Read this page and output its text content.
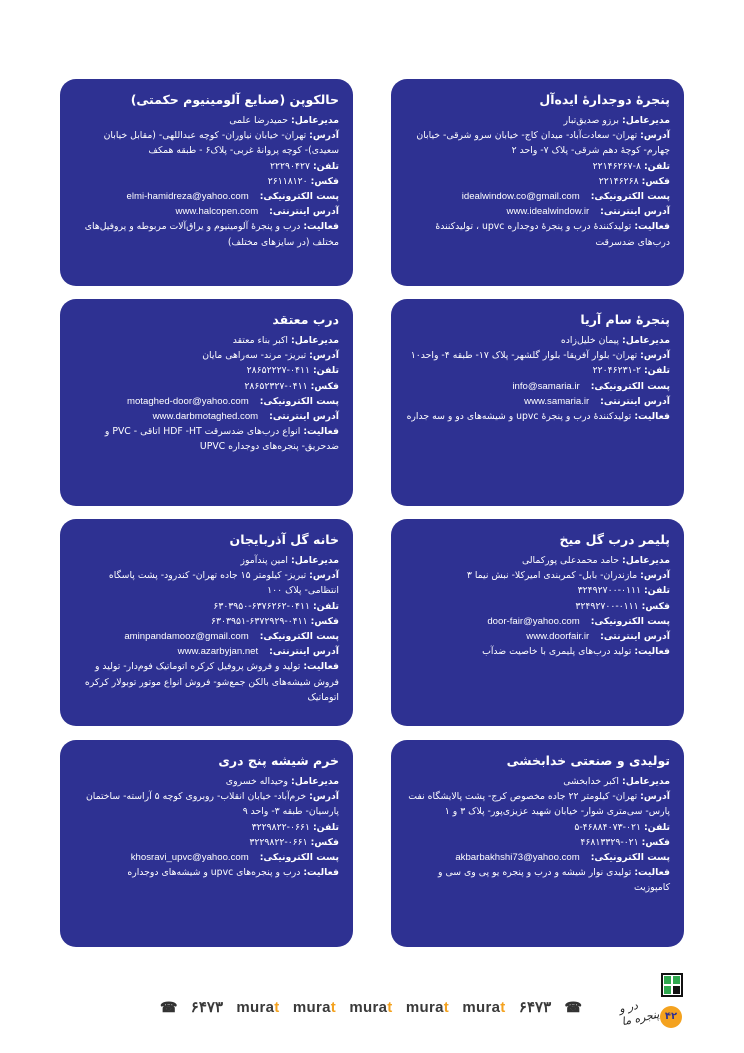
پنجرۀ دوجدارۀ ایده‌آل
مدیرعامل: برزو صدیق‌تبار
آدرس: تهران- سعادت‌آباد- میدان کاج- خیابان سرو شرقی- خیابان چهارم- کوچۀ دهم شرقی- پلاک ۷- واحد ۲
تلفن: ۸-۲۲۱۴۶۲۶۷
فکس: ۲۲۱۴۶۲۶۸
پست الکترونیکی: idealwindow.co@gmail.com
آدرس اینترنتی: www.idealwindow.ir
فعالیت: تولیدکنندۀ درب و پنجرۀ دوجداره upvc ، تولیدکنندۀ درب‌های ضدسرقت
حالکوپن (صنایع آلومینیوم حکمتی)
مدیرعامل: حمیدرضا علمی
آدرس: تهران- خیابان نیاوران- کوچه عبداللهی- (مقابل خیابان سعیدی)- کوچه پروانهٔ غربی- پلاک۶ - طبقه همکف
تلفن: ۲۲۲۹۰۴۲۷
فکس: ۲۶۱۱۸۱۲۰
پست الکترونیکی: elmi-hamidreza@yahoo.com
آدرس اینترنتی: www.halcopen.com
فعالیت: درب و پنجرۀ آلومینیوم و یراق‌آلات مربوطه و پروفیل‌های مختلف (در سایزهای مختلف)
پنجرۀ سام آریا
مدیرعامل: پیمان خلیل‌زاده
آدرس: تهران- بلوار آفریقا- بلوار گلشهر- پلاک ۱۷- طبقه ۴- واحد۱۰
تلفن: ۲-۲۲۰۴۶۲۳۱
پست الکترونیکی: info@samaria.ir
آدرس اینترنتی: www.samaria.ir
فعالیت: تولیدکنندۀ درب و پنجرۀ upvc و شیشه‌های دو و سه جداره
درب معتقد
مدیرعامل: اکبر بناء معتقد
آدرس: تبریز- مرند- سه‌راهی مایان
تلفن: ۰۴۱۱-۲۸۶۵۲۲۲۷
فکس: ۰۴۱۱-۲۸۶۵۲۳۲۷
پست الکترونیکی: motaghed-door@yahoo.com
آدرس اینترنتی: www.darbmotaghed.com
فعالیت: انواع درب‌های ضدسرقت HDF -HT اتاقی - PVC و ضدحریق- پنجره‌های دوجداره UPVC
پلیمر درب گل میخ
مدیرعامل: حامد محمدعلی پورکمالی
آدرس: مازندران- بابل- کمربندی امیرکلا- نبش نیما ۳
تلفن: ۰۱۱۱-۳۲۴۹۲۷۰۰
فکس: ۰۱۱۱-۳۲۴۹۲۷۰۰
پست الکترونیکی: door-fair@yahoo.com
آدرس اینترنتی: www.doorfair.ir
فعالیت: تولید درب‌های پلیمری با خاصیت ضدآب
خانه گل آذربایجان
مدیرعامل: امین پندآموز
آدرس: تبریز- کیلومتر ۱۵ جاده تهران- کندرود- پشت پاسگاه انتظامی- پلاک ۱۰۰
تلفن: ۰۴۱۱-۶۳۷۶۲۶۲-۶۳۰۳۹۵۰
فکس: ۰۴۱۱-۶۳۷۲۹۲۹-۶۳۰۳۹۵۱
پست الکترونیکی: aminpandamooz@gmail.com
آدرس اینترنتی: www.azarbyjan.net
فعالیت: تولید و فروش پروفیل کرکره اتوماتیک فوم‌دار- تولید و فروش شیشه‌های بالکن جمع‌شو- فروش انواع موتور توبولار کرکره اتوماتیک
تولیدی و صنعتی خدابخشی
مدیرعامل: اکبر خدابخشی
آدرس: تهران- کیلومتر ۲۲ جاده مخصوص کرج- پشت پالایشگاه نفت پارس- سی‌متری شوار- خیابان شهید عزیزی‌پور- پلاک ۳ و ۱
تلفن: ۰۲۱-۴۶۸۸۴۰۷۳-۵
فکس: ۰۲۱-۴۶۸۱۳۳۲۹
پست الکترونیکی: akbarbakhshi73@yahoo.com
فعالیت: تولیدی نوار شیشه و درب و پنجره یو پی وی سی و کامپوزیت
خرم شیشه پنج دری
مدیرعامل: وحیداله خسروی
آدرس: خرم‌آباد- خیابان انقلاب- روبروی کوچه ۵ آراسته- ساختمان پارسیان- طبقه ۳- واحد ۹
تلفن: ۰۶۶۱-۳۲۲۹۸۲۲
فکس: ۰۶۶۱-۳۲۲۹۸۲۲
پست الکترونیکی: khosravi_upvc@yahoo.com
فعالیت: درب و پنجره‌های upvc و شیشه‌های دوجداره
☎ ۶۴۷۳ murat murat murat murat murat ۶۴۷۳ ☎	در و پنجره ما ۴۲
